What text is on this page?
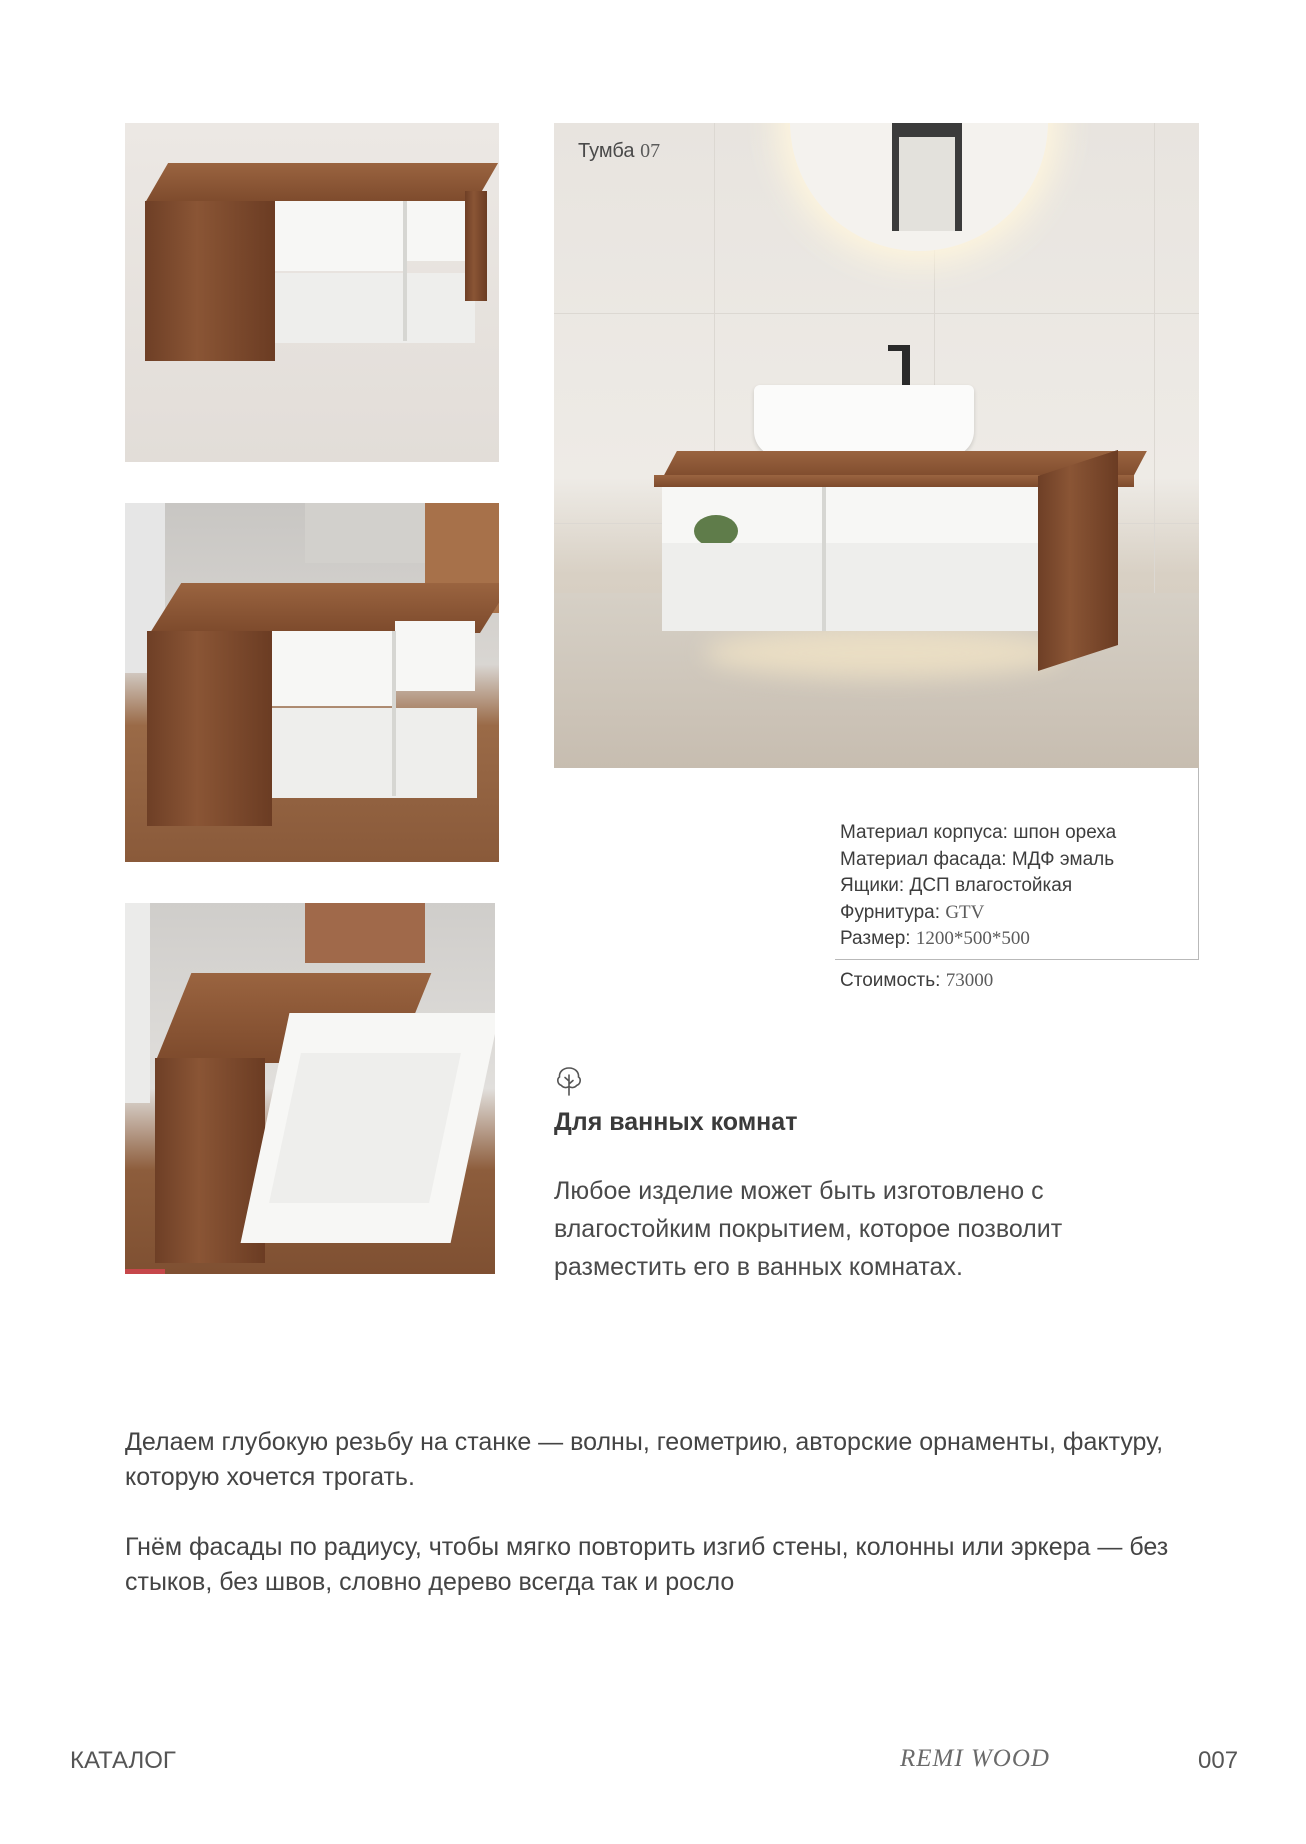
Тумба 07
Материал корпуса: шпон ореха
Материал фасада: МДФ эмаль
Ящики: ДСП влагостойкая
Фурнитура: GTV
Размер: 1200*500*500
Стоимость: 73000
Для ванных комнат
Любое изделие может быть изготовлено с
влагостойким покрытием, которое позволит
разместить его в ванных комнатах.
Делаем глубокую резьбу на станке — волны, геометрию, авторские орнаменты, фактуру,
которую хочется трогать.
Гнём фасады по радиусу, чтобы мягко повторить изгиб стены, колонны или эркера — без
стыков, без швов, словно дерево всегда так и росло
КАТАЛОГ	REMI WOOD	007
